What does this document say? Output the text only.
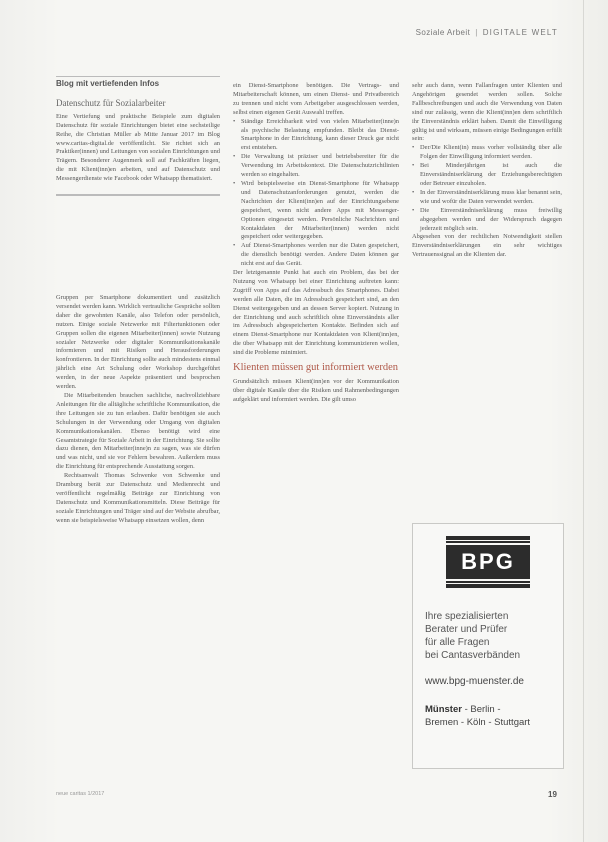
Soziale Arbeit | DIGITALE WELT
Blog mit vertiefenden Infos
Datenschutz für Sozialarbeiter

Eine Vertiefung und praktische Beispiele zum digitalen Datenschutz für soziale Einrichtungen bietet eine sechsteilige Reihe, die Christian Müller ab Mitte Januar 2017 im Blog www.caritas-digital.de veröffentlicht. Sie richtet sich an Praktiker(innen) und Leitungen von sozialen Einrichtungen und Trägern. Besonderer Augenmerk soll auf Fachkräften liegen, die mit Klient(inn)en arbeiten, und auf Datenschutz und Messengerdienste wie Facebook oder Whatsapp thematisiert.

Gruppen per Smartphone dokumentiert und zusätzlich versendet werden kann. Wirklich vertrauliche Gespräche sollten daher die gewohnten Kanäle, also Telefon oder persönlich, nutzen. Einige soziale Netzwerke mit Filtertunktionen oder Gruppen sollen die eigenen Mitarbeiter(innen) sowie Nutzung sozialer Netzwerke oder digitaler Kommunikationskanäle informieren und mit Risiken und Herausforderungen konfrontieren. In der Einrichtung sollte auch mindestens einmal jährlich eine Art Schulung oder Workshop durchgeführt werden, in der neue Aspekte präsentiert und besprochen werden.

Die Mitarbeitenden brauchen sachliche, nachvollziehbare Anleitungen für die alltägliche schriftliche Kommunikation, die ihre Leitungen sie zu tun erlauben. Dafür benötigen sie auch Schulungen in der Verwendung oder Umgang von digitalen Kommunikationskanälen. Ebenso benötigt wird eine Gesamtstrategie für Soziale Arbeit in der Einrichtung. Sie sollte dazu dienen, den Mitarbeiter(inne)n zu sagen, was sie dürfen und was nicht, und sie vor Fehlern bewahren. Außerdem muss die Einrichtung für entsprechende Ausstattung sorgen.

Rechtsanwalt Thomas Schwenke von Schwenke und Dramburg berät zur Datenschutz und Medienrecht und veröffentlicht regelmäßig Beiträge zur Einrichtung von Datenschutz und Kommunikationsmitteln. Diese Beiträge für soziale Einrichtungen und Träger sind auf der Website abrufbar, wenn sie beispielsweise Whatsapp einsetzen wollen, denn

ein Dienst-Smartphone benötigen. Die Vertrags- und Mitarbeiterschaft können, um einen Dienst- und Privatbereich zu trennen und nicht vom Arbeitgeber ausgeschlossen werden, selbst einen eigenen Gerät Auswahl treffen.

• Ständige Erreichbarkeit wird von vielen Mitarbeiter(inne)n als psychische Belastung empfunden. Bleibt das Dienst-Smartphone in der Einrichtung, kann dieser Druck gar nicht erst entstehen.
• Die Verwaltung ist präziser und betriebsbereiter für die Verwendung im Arbeitskontext. Die Datenschutzrichtlinien werden so eingehalten.
• Wird beispielsweise ein Dienst-Smartphone für Whatsapp und Datenschutzanforderungen genutzt, werden die Nachrichten der Klient(inn)en auf der Einrichtungsebene gespeichert, wenn nicht andere Apps mit Messenger-Optionen eingesetzt werden. Persönliche Nachrichten und Kontaktdaten der Mitarbeiter(innen) werden nicht gespeichert oder weitergegeben.
• Auf Dienst-Smartphones werden nur die Daten gespeichert, die dienstlich benötigt werden. Andere Daten können gar nicht erst auf das Gerät.

Der letztgenannte Punkt hat auch ein Problem, das bei der Nutzung von Whatsapp bei einer Einrichtung auftreten kann: Zugriff von Apps auf das Adressbuch des Smartphones. Dabei werden alle Daten, die im Adressbuch gespeichert sind, an den Dienst weitergegeben und an dessen Server kopiert. Nutzung in der Einrichtung und auch schriftlich ohne Einverständnis aller im Adressbuch abgespeicherten Kontakte. Befinden sich auf einem Dienst-Smartphone nur Kontaktdaten von Klient(inn)en, die über Whatsapp mit der Einrichtung kommunizieren wollen, sind die Probleme minimiert.

Klienten müssen gut informiert werden

Grundsätzlich müssen Klient(inn)en vor der Kommunikation über digitale Kanäle über die Risiken und Rahmenbedingungen aufgeklärt und informiert werden. Die gilt umso

sehr auch dann, wenn Fallanfragen unter Klienten und Angehörigen gesendet werden sollen. Solche Fallbeschreibungen und auch die Verwendung von Daten sind nur zulässig, wenn die Klient(inn)en dem schriftlich ihr Einverständnis erklärt haben. Damit die Einwilligung gültig ist und wirksam, müssen einige Bedingungen erfüllt sein:

• Der/Die Klient(in) muss vorher vollständig über alle Folgen der Einwilligung informiert werden.
• Bei Minderjährigen ist auch die Einverständniserklärung der Erziehungsberechtigten oder Betreuer einzuholen.
• In der Einverständniserklärung muss klar benannt sein, wie und wofür die Daten verwendet werden.
• Die Einverständniserklärung muss freiwillig abgegeben werden und der Widerspruch dagegen jederzeit möglich sein.

Abgesehen von der rechtlichen Notwendigkeit stellen Einverständniserklärungen ein sehr wichtiges Vertrauenssignal an die Klienten dar.

BPG
Ihre spezialisierten
Berater und Prüfer
für alle Fragen
bei Cantasverbänden
www.bpg-muenster.de
Münster - Berlin -
Bremen - Köln - Stuttgart
neue caritas 1/2017	19
